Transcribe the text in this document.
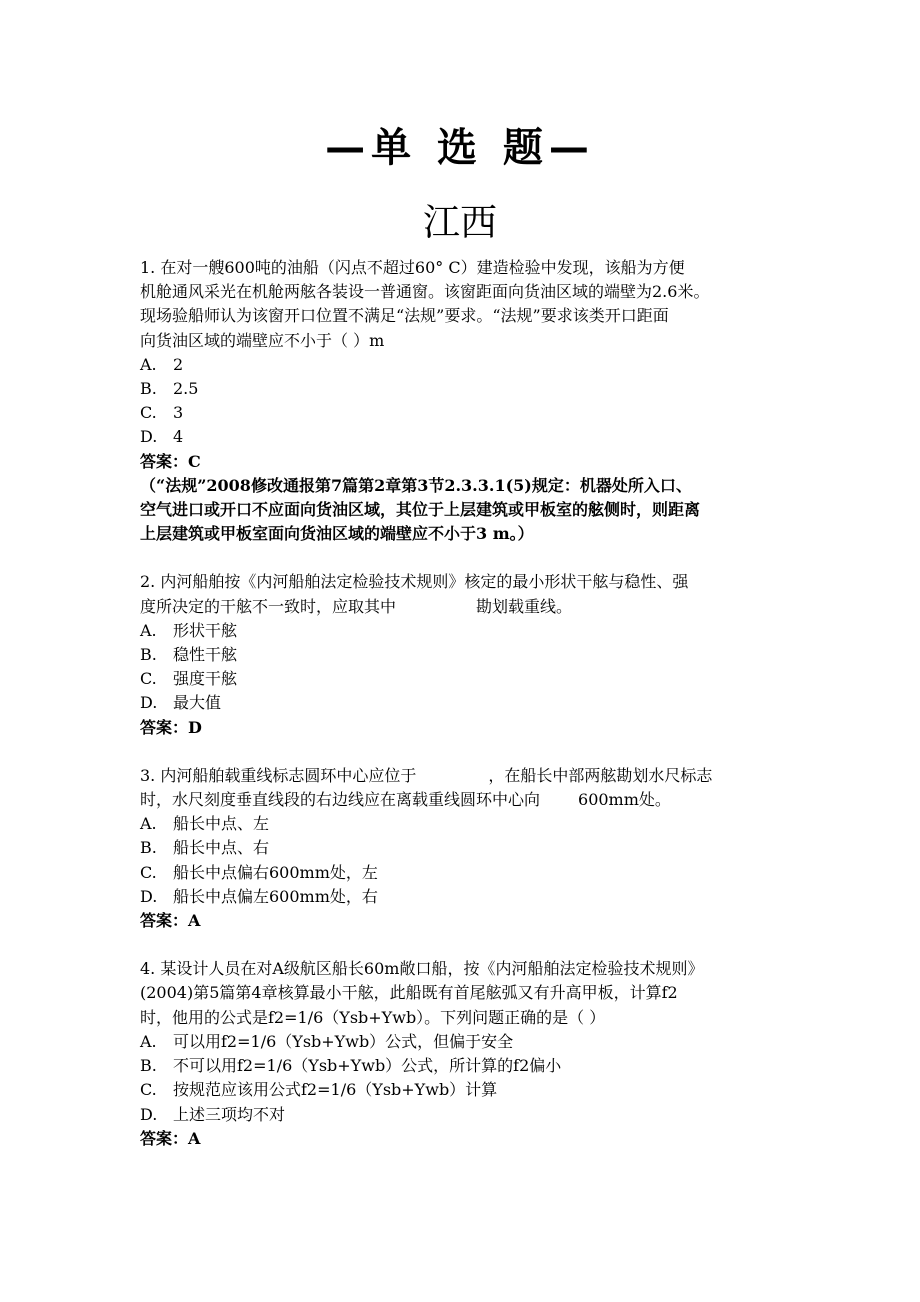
—单 选 题—
江西
1. 在对一艘600吨的油船（闪点不超过60° C）建造检验中发现，该船为方便
机舱通风采光在机舱两舷各装设一普通窗。该窗距面向货油区域的端壁为2.6米。
现场验船师认为该窗开口位置不满足“法规”要求。“法规”要求该类开口距面
向货油区域的端壁应不小于（ ）m
A. 2
B. 2.5
C. 3
D. 4
答案：C
（“法规”2008修改通报第7篇第2章第3节2.3.3.1(5)规定：机器处所入口、
空气进口或开口不应面向货油区域，其位于上层建筑或甲板室的舷侧时，则距离
上层建筑或甲板室面向货油区域的端壁应不小于3 m。）
2. 内河船舶按《内河船舶法定检验技术规则》核定的最小形状干舷与稳性、强
度所决定的干舷不一致时，应取其中	勘划载重线。
A. 形状干舷
B. 稳性干舷
C. 强度干舷
D. 最大值
答案：D
3. 内河船舶载重线标志圆环中心应位于	，在船长中部两舷勘划水尺标志
时，水尺刻度垂直线段的右边线应在离载重线圆环中心向 600mm处。
A. 船长中点、左
B. 船长中点、右
C. 船长中点偏右600mm处，左
D. 船长中点偏左600mm处，右
答案：A
4. 某设计人员在对A级航区船长60m敞口船，按《内河船舶法定检验技术规则》
(2004)第5篇第4章核算最小干舷，此船既有首尾舷弧又有升高甲板，计算f2
时，他用的公式是f2=1/6（Ysb+Ywb）。下列问题正确的是（ ）
A. 可以用f2=1/6（Ysb+Ywb）公式，但偏于安全
B. 不可以用f2=1/6（Ysb+Ywb）公式，所计算的f2偏小
C. 按规范应该用公式f2=1/6（Ysb+Ywb）计算
D. 上述三项均不对
答案：A
